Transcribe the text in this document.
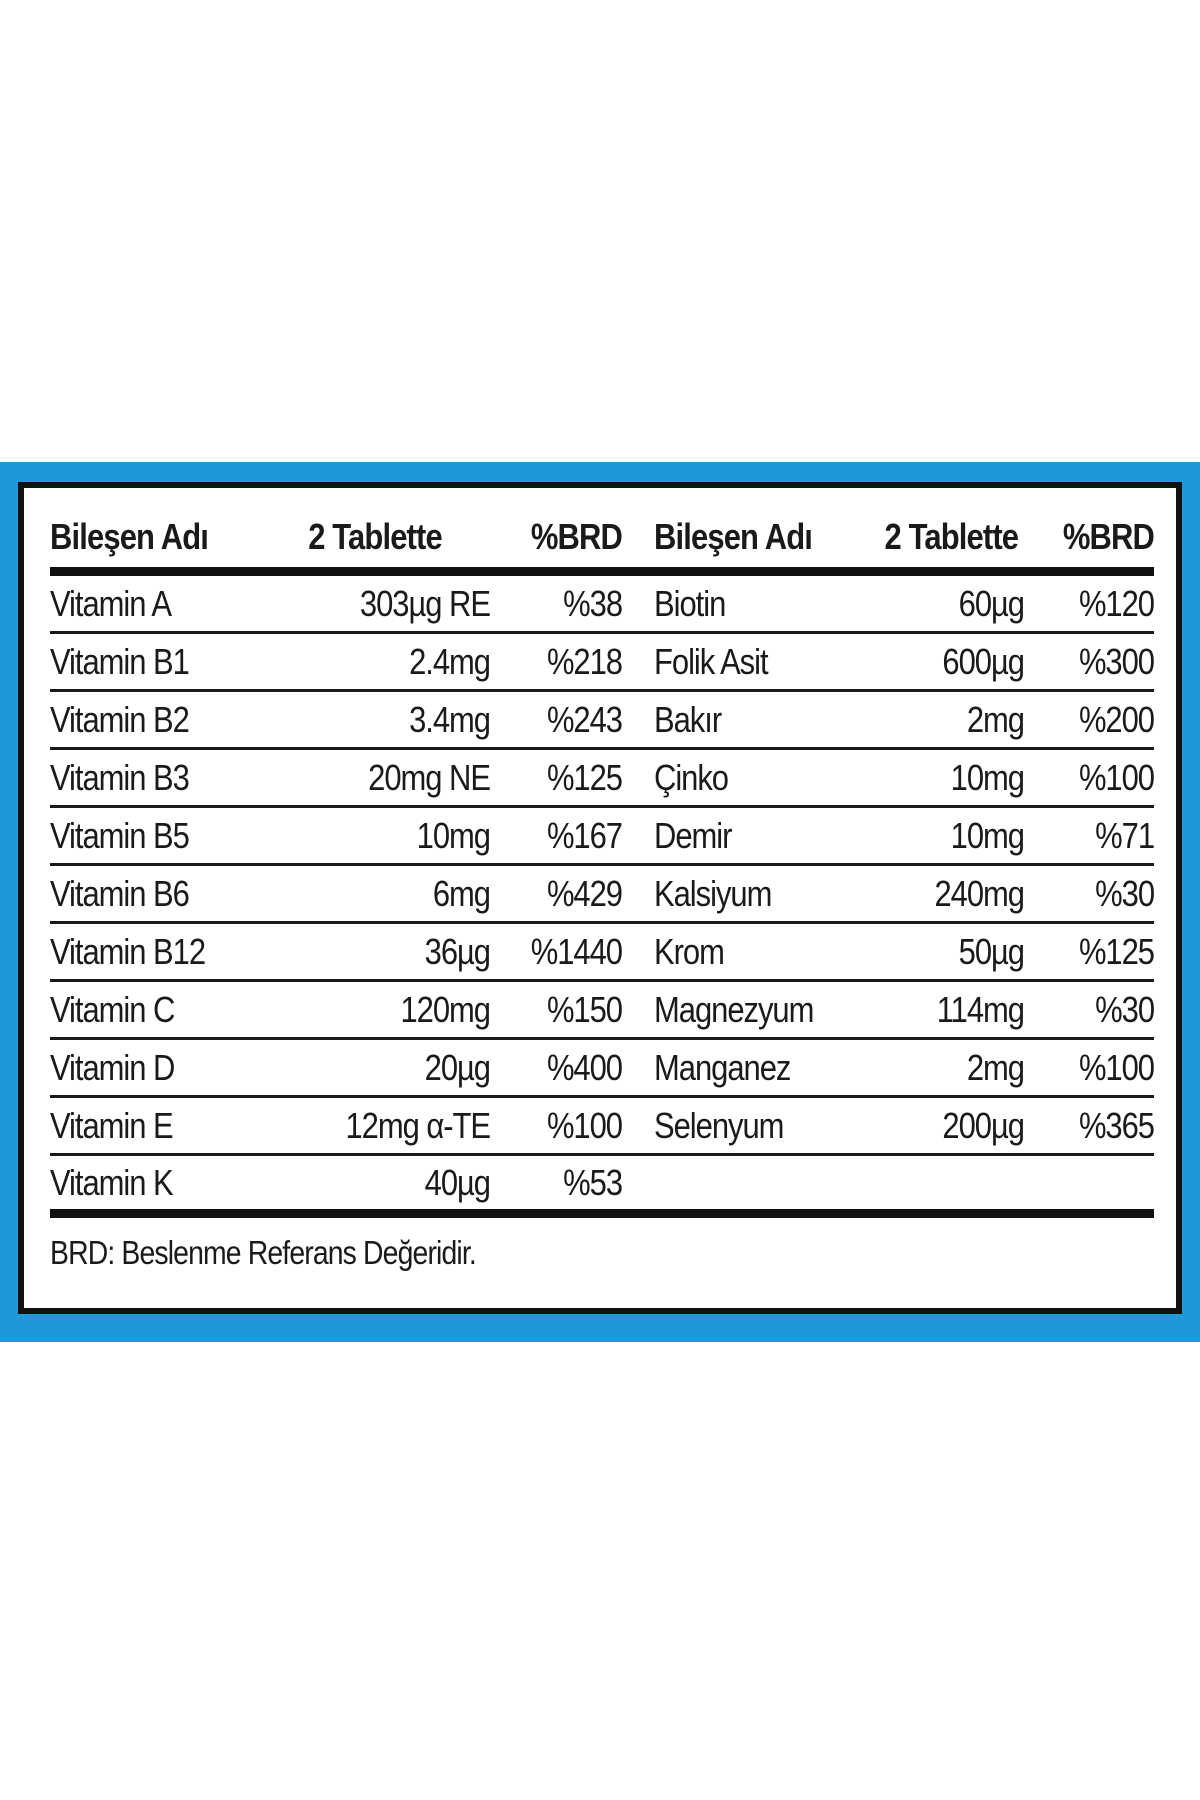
Bileşen Adı	2 Tablette	%BRD Bileşen Adı	2 Tablette	%BRD
Vitamin A	303µg RE	%38 Biotin	60µg	%120
Vitamin B1	2.4mg	%218 Folik Asit	600µg	%300
Vitamin B2	3.4mg	%243 Bakır	2mg	%200
Vitamin B3	20mg NE	%125 Çinko	10mg	%100
Vitamin B5	10mg	%167 Demir	10mg	%71
Vitamin B6	6mg	%429 Kalsiyum	240mg	%30
Vitamin B12	36µg	%1440 Krom	50µg	%125
Vitamin C	120mg	%150 Magnezyum	114mg	%30
Vitamin D	20µg	%400 Manganez	2mg	%100
Vitamin E	12mg α-TE	%100 Selenyum	200µg	%365
Vitamin K	40µg	%53
BRD: Beslenme Referans Değeridir.
